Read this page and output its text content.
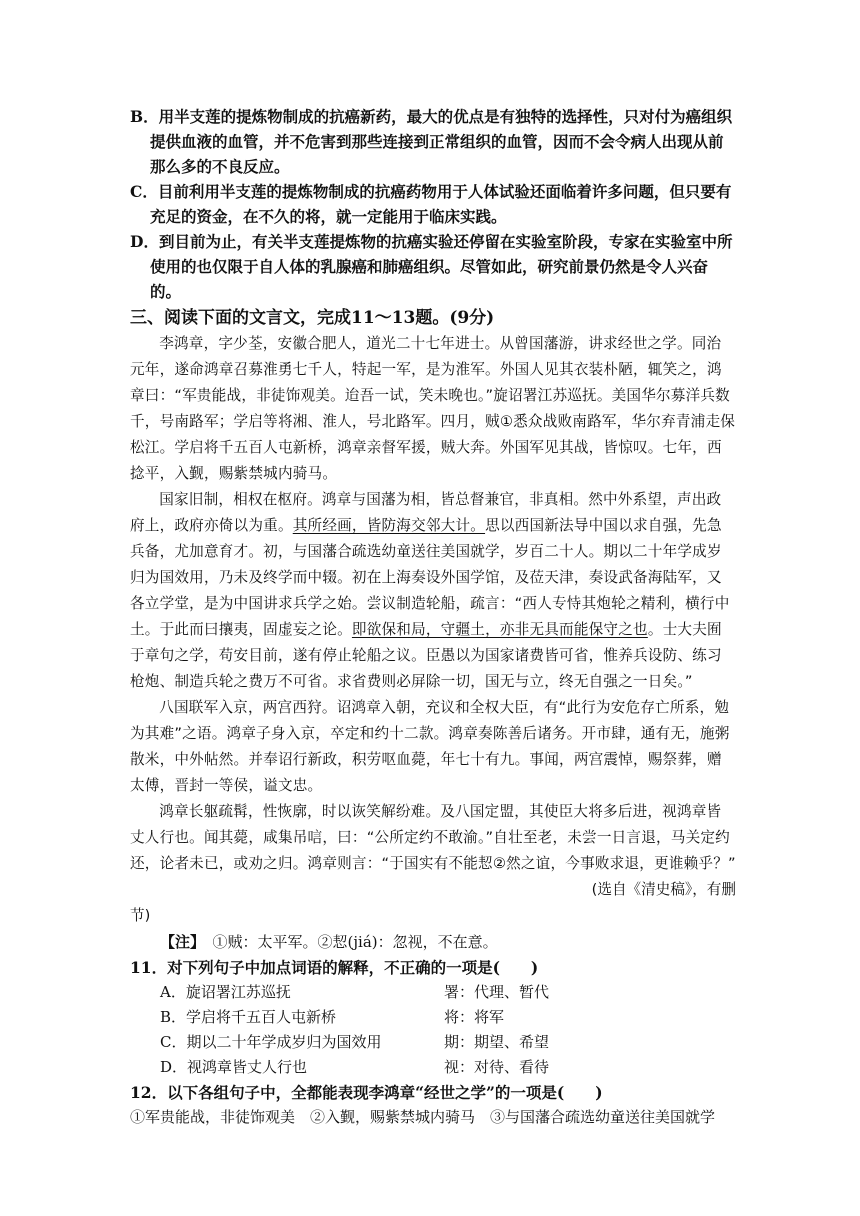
B．用半支莲的提炼物制成的抗癌新药，最大的优点是有独特的选择性，只对付为癌组织提供血液的血管，并不危害到那些连接到正常组织的血管，因而不会令病人出现从前那么多的不良反应。

C．目前利用半支莲的提炼物制成的抗癌药物用于人体试验还面临着许多问题，但只要有充足的资金，在不久的将，就一定能用于临床实践。

D．到目前为止，有关半支莲提炼物的抗癌实验还停留在实验室阶段，专家在实验室中所使用的也仅限于自人体的乳腺癌和肺癌组织。尽管如此，研究前景仍然是令人兴奋的。

三、阅读下面的文言文，完成11～13题。(9分)

李鸿章，字少荃，安徽合肥人，道光二十七年进士。从曾国藩游，讲求经世之学。同治元年，遂命鸿章召募淮勇七千人，特起一军，是为淮军。外国人见其衣装朴陋，辄笑之，鸿章曰：“军贵能战，非徒饰观美。迨吾一试，笑未晚也。”旋诏署江苏巡抚。美国华尔募洋兵数千，号南路军；学启等将湘、淮人，号北路军。四月，贼①悉众战败南路军，华尔弃青浦走保松江。学启将千五百人屯新桥，鸿章亲督军援，贼大奔。外国军见其战，皆惊叹。七年，西捻平，入觐，赐紫禁城内骑马。

国家旧制，相权在枢府。鸿章与国藩为相，皆总督兼官，非真相。然中外系望，声出政府上，政府亦倚以为重。其所经画，皆防海交邻大计。思以西国新法导中国以求自强，先急兵备，尤加意育才。初，与国藩合疏选幼童送往美国就学，岁百二十人。期以二十年学成岁归为国效用，乃未及终学而中辍。初在上海奏设外国学馆，及莅天津，奏设武备海陆军，又各立学堂，是为中国讲求兵学之始。尝议制造轮船，疏言：“西人专恃其炮轮之精利，横行中土。于此而曰攘夷，固虚妄之论。即欲保和局，守疆土，亦非无具而能保守之也。士大夫囿于章句之学，苟安目前，遂有停止轮船之议。臣愚以为国家诸费皆可省，惟养兵设防、练习枪炮、制造兵轮之费万不可省。求省费则必屏除一切，国无与立，终无自强之一日矣。”

八国联军入京，两宫西狩。诏鸿章入朝，充议和全权大臣，有“此行为安危存亡所系，勉为其难”之语。鸿章子身入京，卒定和约十二款。鸿章奏陈善后诸务。开市肆，通有无，施粥散米，中外帖然。并奉诏行新政，积劳呕血薨，年七十有九。事闻，两宫震悼，赐祭葬，赠太傅，晋封一等侯，谥文忠。

鸿章长躯疏髯，性恢廓，时以诙笑解纷难。及八国定盟，其使臣大将多后进，视鸿章皆丈人行也。闻其薨，咸集吊唁，曰：“公所定约不敢渝。”自壮至老，未尝一日言退，马关定约还，论者未已，或劝之归。鸿章则言：“于国实有不能恝②然之谊，今事败求退，更谁赖乎？”

(选自《清史稿》，有删

节)

【注】　①贼：太平军。②恝(jiá)：忽视，不在意。

11．对下列句子中加点词语的解释，不正确的一项是(　　)

A．旋诏署江苏巡抚	署：代理、暂代
B．学启将千五百人屯新桥	将：将军
C．期以二十年学成岁归为国效用	期：期望、希望
D．视鸿章皆丈人行也	视：对待、看待

12．以下各组句子中，全都能表现李鸿章“经世之学”的一项是(　　)

①军贵能战，非徒饰观美　②入觐，赐紫禁城内骑马　③与国藩合疏选幼童送往美国就学
